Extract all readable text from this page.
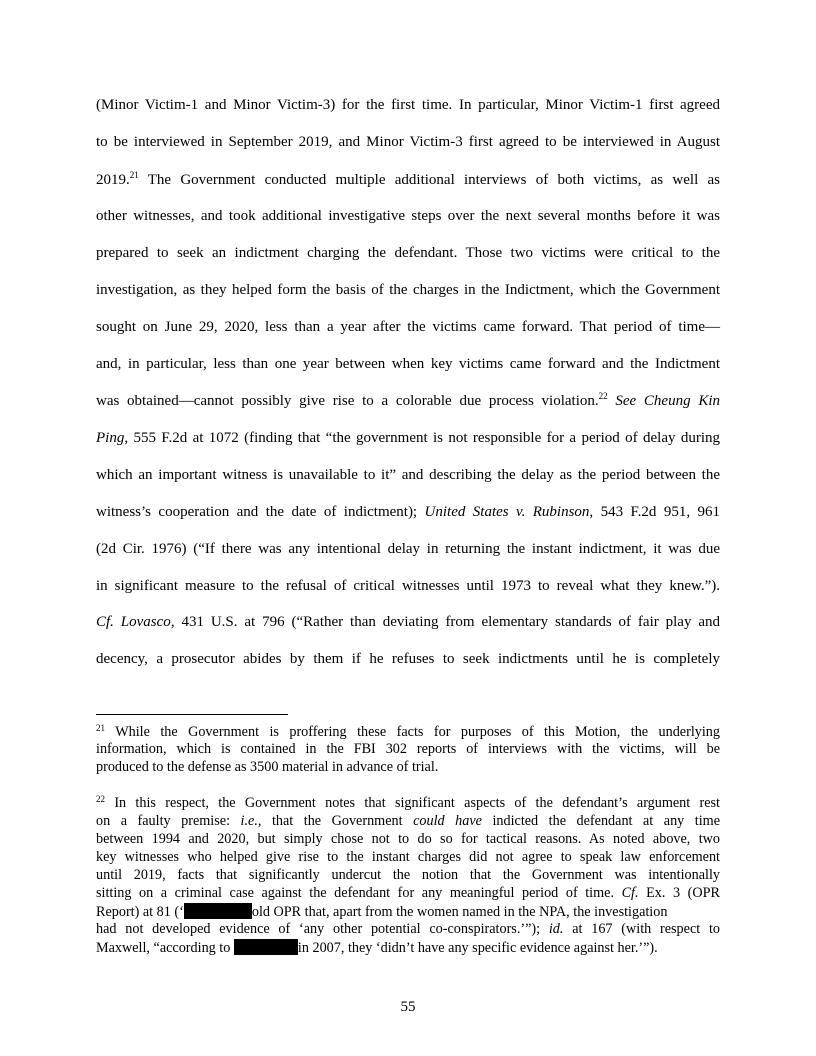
(Minor Victim-1 and Minor Victim-3) for the first time. In particular, Minor Victim-1 first agreed
to be interviewed in September 2019, and Minor Victim-3 first agreed to be interviewed in August
2019.21 The Government conducted multiple additional interviews of both victims, as well as
other witnesses, and took additional investigative steps over the next several months before it was
prepared to seek an indictment charging the defendant. Those two victims were critical to the
investigation, as they helped form the basis of the charges in the Indictment, which the Government
sought on June 29, 2020, less than a year after the victims came forward. That period of time—
and, in particular, less than one year between when key victims came forward and the Indictment
was obtained—cannot possibly give rise to a colorable due process violation.$^{22}$ See Cheung Kin
Ping, 555 F.2d at 1072 (finding that “the government is not responsible for a period of delay during
which an important witness is unavailable to it” and describing the delay as the period between the
witness’s cooperation and the date of indictment); United States v. Rubinson, 543 F.2d 951, 961
(2d Cir. 1976) (“If there was any intentional delay in returning the instant indictment, it was due
in significant measure to the refusal of critical witnesses until 1973 to reveal what they knew.”).
Cf. Lovasco, 431 U.S. at 796 (“Rather than deviating from elementary standards of fair play and
decency, a prosecutor abides by them if he refuses to seek indictments until he is completely
$^{21}$ While the Government is proffering these facts for purposes of this Motion, the underlying
information, which is contained in the FBI 302 reports of interviews with the victims, will be
produced to the defense as 3500 material in advance of trial.
$^{22}$ In this respect, the Government notes that significant aspects of the defendant’s argument rest
on a faulty premise: i.e., that the Government could have indicted the defendant at any time
between 1994 and 2020, but simply chose not to do so for tactical reasons. As noted above, two
key witnesses who helped give rise to the instant charges did not agree to speak law enforcement
until 2019, facts that significantly undercut the notion that the Government was intentionally
sitting on a criminal case against the defendant for any meaningful period of time. Cf. Ex. 3 (OPR
Report) at 81 (‘	old OPR that, apart from the women named in the NPA, the investigation
had not developed evidence of ‘any other potential co-conspirators.’”); id. at 167 (with respect to
Maxwell, “according to	in 2007, they ‘didn’t have any specific evidence against her.’”).
55
